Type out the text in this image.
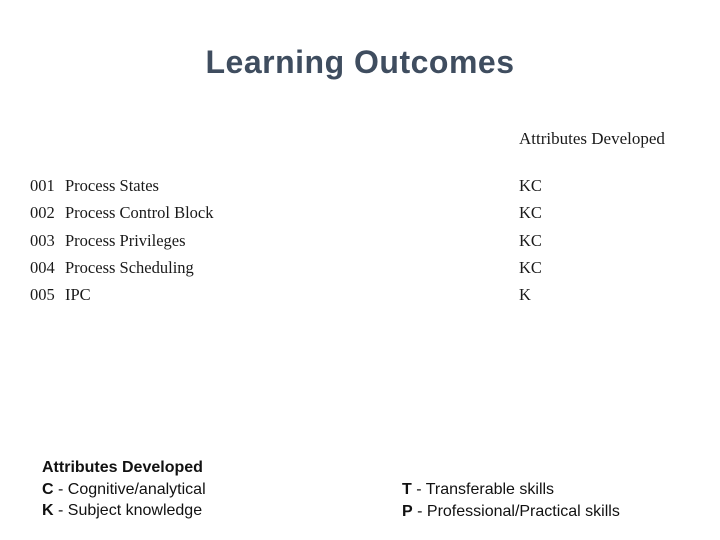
Learning Outcomes
Attributes Developed
001 Process States	KC
002 Process Control Block	KC
003 Process Privileges	KC
004 Process Scheduling	KC
005 IPC	K
Attributes Developed
C - Cognitive/analytical
K - Subject knowledge
T - Transferable skills
P - Professional/Practical skills
